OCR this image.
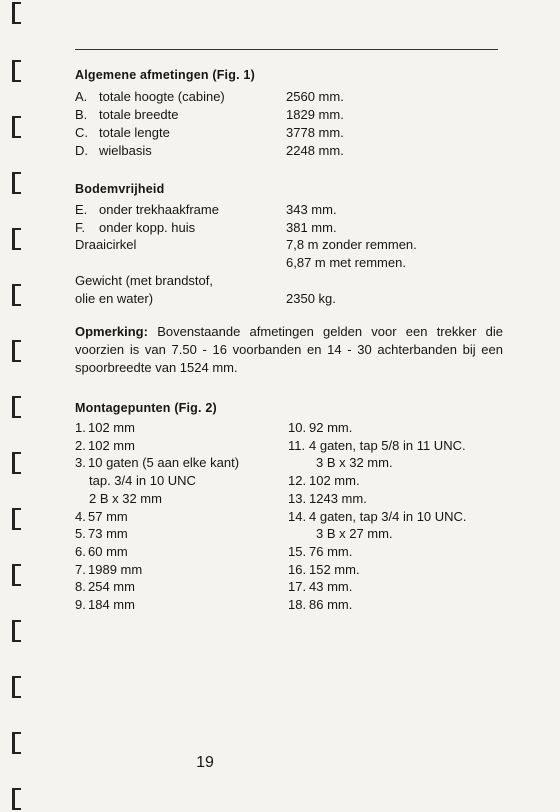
Algemene afmetingen (Fig. 1)
A. totale hoogte (cabine)	2560 mm.
B. totale breedte	1829 mm.
C. totale lengte	3778 mm.
D. wielbasis	2248 mm.
Bodemvrijheid
E. onder trekhaakframe	343 mm.
F.	onder kopp. huis	381 mm.
Draaicirkel	7,8 m zonder remmen.
6,87 m met remmen.
Gewicht (met brandstof,
olie en water)	2350 kg.
Opmerking: Bovenstaande afmetingen gelden voor een trekker die voorzien is van 7.50 - 16 voorbanden en 14 - 30 achterbanden bij een spoorbreedte van 1524 mm.
Montagepunten (Fig. 2)
1. 102 mm
2. 102 mm
3. 10 gaten (5 aan elke kant)
tap. 3/4 in 10 UNC
2 B x 32 mm
4. 57 mm
5. 73 mm
6. 60 mm
7. 1989 mm
8. 254 mm
9. 184 mm
10. 92 mm.
11. 4 gaten, tap 5/8 in 11 UNC.
3 B x 32 mm.
12. 102 mm.
13. 1243 mm.
14. 4 gaten, tap 3/4 in 10 UNC.
3 B x 27 mm.
15. 76 mm.
16. 152 mm.
17. 43 mm.
18. 86 mm.
19
